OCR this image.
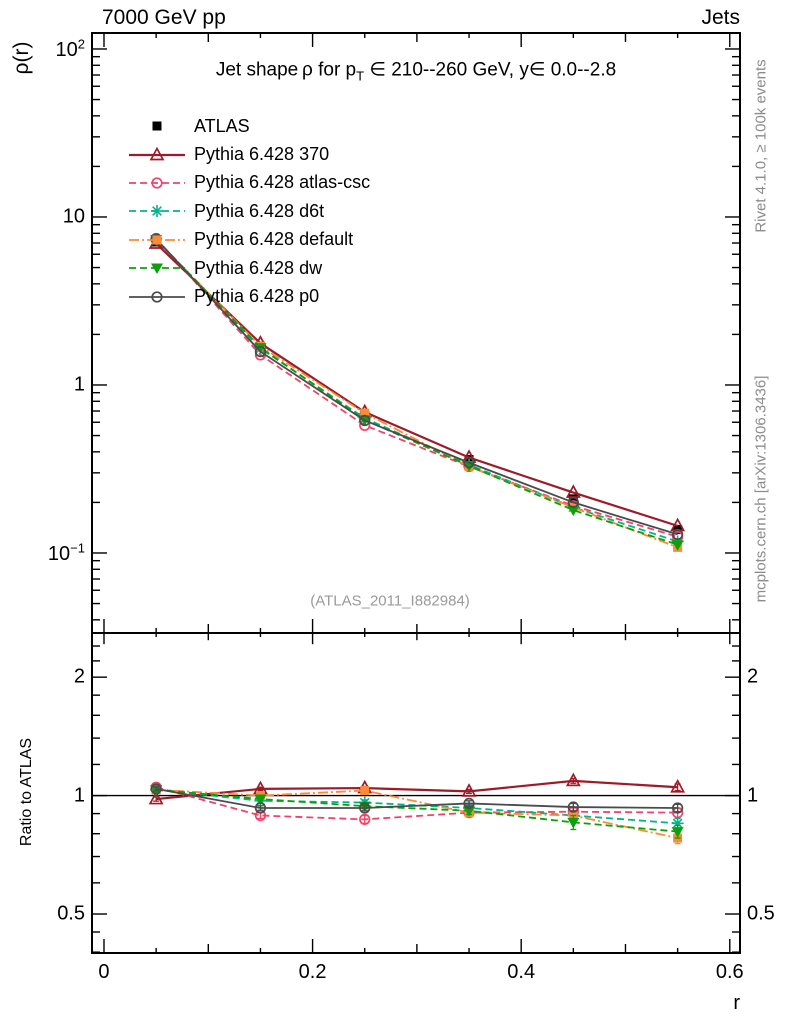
7000 GeV pp	Jets
Jet shape ρ for $p_T$ ∈ 210--260 GeV, y∈ 0.0--2.8
ρ(r)
Ratio to ATLAS
r
(ATLAS_2011_I882984)
Rivet 4.1.0, ≥ 100k events
mcplots.cern.ch [arXiv:1306.3436]
ATLAS
Pythia 6.428 370
Pythia 6.428 atlas-csc
Pythia 6.428 d6t
Pythia 6.428 default
Pythia 6.428 dw
Pythia 6.428 p0
$10^2$
10
1
$10^{-1}$
2	2
1	1
0.5	0.5
0	0.2	0.4	0.6
